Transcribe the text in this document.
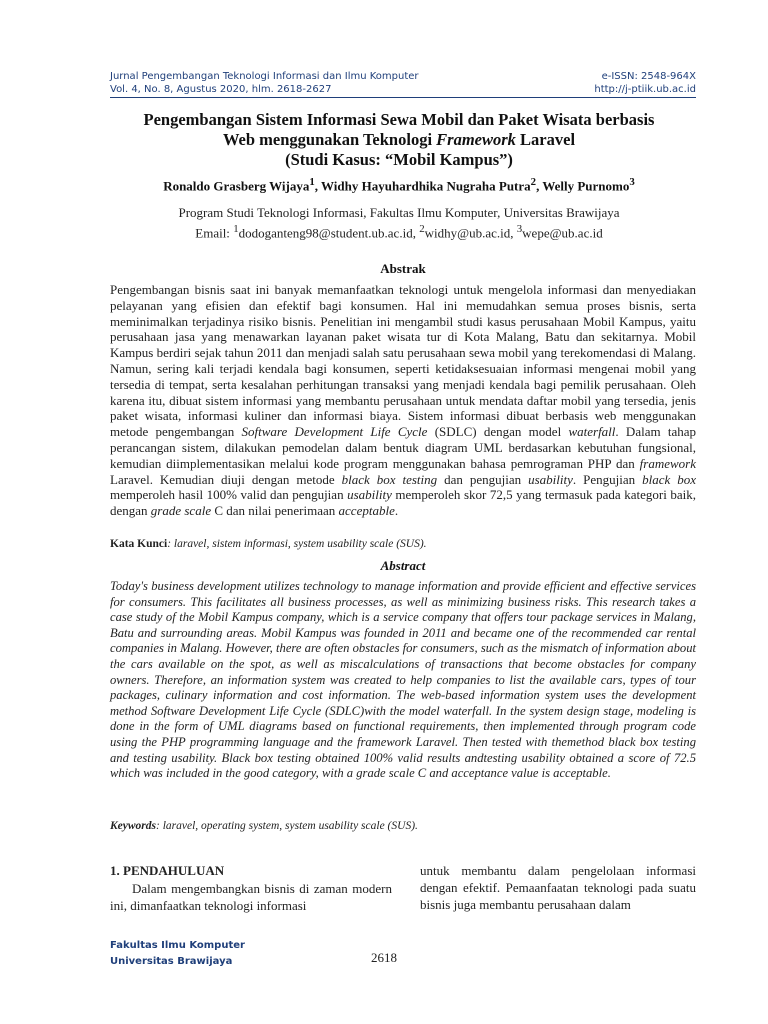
Jurnal Pengembangan Teknologi Informasi dan Ilmu Komputer
Vol. 4, No. 8, Agustus 2020, hlm. 2618-2627
e-ISSN: 2548-964X
http://j-ptiik.ub.ac.id
Pengembangan Sistem Informasi Sewa Mobil dan Paket Wisata berbasis
Web menggunakan Teknologi Framework Laravel
(Studi Kasus: “Mobil Kampus”)
Ronaldo Grasberg Wijaya$^1$, Widhy Hayuhardhika Nugraha Putra$^2$, Welly Purnomo$^3$
Program Studi Teknologi Informasi, Fakultas Ilmu Komputer, Universitas Brawijaya
Email: $^1$dodoganteng98@student.ub.ac.id, $^2$widhy@ub.ac.id, $^3$wepe@ub.ac.id
Abstrak
Pengembangan bisnis saat ini banyak memanfaatkan teknologi untuk mengelola informasi dan menyediakan pelayanan yang efisien dan efektif bagi konsumen. Hal ini memudahkan semua proses bisnis, serta meminimalkan terjadinya risiko bisnis. Penelitian ini mengambil studi kasus perusahaan Mobil Kampus, yaitu perusahaan jasa yang menawarkan layanan paket wisata tur di Kota Malang, Batu dan sekitarnya. Mobil Kampus berdiri sejak tahun 2011 dan menjadi salah satu perusahaan sewa mobil yang terekomendasi di Malang. Namun, sering kali terjadi kendala bagi konsumen, seperti ketidaksesuaian informasi mengenai mobil yang tersedia di tempat, serta kesalahan perhitungan transaksi yang menjadi kendala bagi pemilik perusahaan. Oleh karena itu, dibuat sistem informasi yang membantu perusahaan untuk mendata daftar mobil yang tersedia, jenis paket wisata, informasi kuliner dan informasi biaya. Sistem informasi dibuat berbasis web menggunakan metode pengembangan Software Development Life Cycle (SDLC) dengan model waterfall. Dalam tahap perancangan sistem, dilakukan pemodelan dalam bentuk diagram UML berdasarkan kebutuhan fungsional, kemudian diimplementasikan melalui kode program menggunakan bahasa pemrograman PHP dan framework Laravel. Kemudian diuji dengan metode black box testing dan pengujian usability. Pengujian black box memperoleh hasil 100% valid dan pengujian usability memperoleh skor 72,5 yang termasuk pada kategori baik, dengan grade scale C dan nilai penerimaan acceptable.
Kata Kunci: laravel, sistem informasi, system usability scale (SUS).
Abstract
Today's business development utilizes technology to manage information and provide efficient and effective services for consumers. This facilitates all business processes, as well as minimizing business risks. This research takes a case study of the Mobil Kampus company, which is a service company that offers tour package services in Malang, Batu and surrounding areas. Mobil Kampus was founded in 2011 and became one of the recommended car rental companies in Malang. However, there are often obstacles for consumers, such as the mismatch of information about the cars available on the spot, as well as miscalculations of transactions that become obstacles for company owners. Therefore, an information system was created to help companies to list the available cars, types of tour packages, culinary information and cost information. The web-based information system uses the development method Software Development Life Cycle (SDLC)with the model waterfall. In the system design stage, modeling is done in the form of UML diagrams based on functional requirements, then implemented through program code using the PHP programming language and the framework Laravel. Then tested with themethod black box testing and testing usability. Black box testing obtained 100% valid results andtesting usability obtained a score of 72.5 which was included in the good category, with a grade scale C and acceptance value is acceptable.
Keywords: laravel, operating system, system usability scale (SUS).
1. PENDAHULUAN
Dalam mengembangkan bisnis di zaman modern ini, dimanfaatkan teknologi informasi
untuk membantu dalam pengelolaan informasi dengan efektif. Pemaanfaatan teknologi pada suatu bisnis juga membantu perusahaan dalam
Fakultas Ilmu Komputer
Universitas Brawijaya	2618
